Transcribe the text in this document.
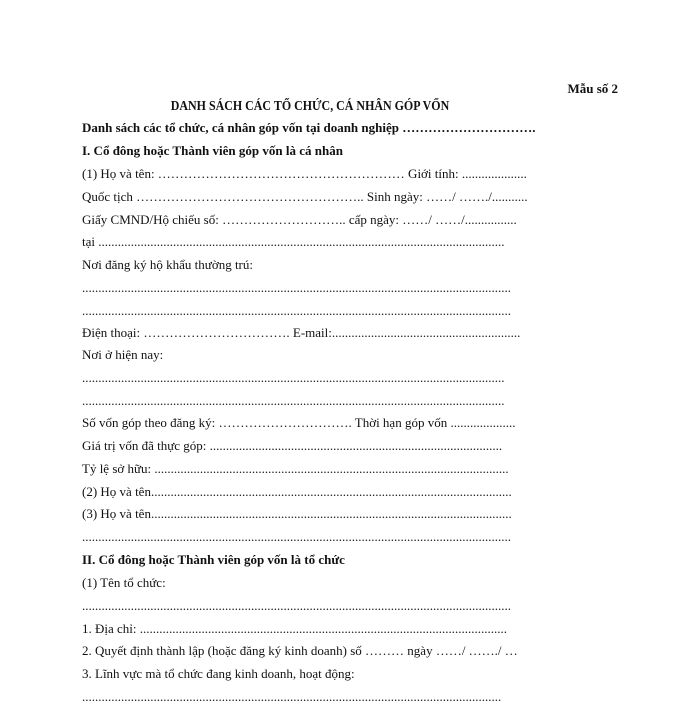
Mẫu số 2
DANH SÁCH CÁC TỔ CHỨC, CÁ NHÂN GÓP VỐN
Danh sách các tổ chức, cá nhân góp vốn tại doanh nghiệp ………………………….
I. Cổ đông hoặc Thành viên góp vốn là cá nhân
(1) Họ và tên: ………………………………………………… Giới tính: ....................
Quốc tịch …………………………………………….. Sinh ngày: ……/ ……./...........
Giấy CMND/Hộ chiếu số: ……………………….. cấp ngày: ……/ ……/................
tại .............................................................................................................................
Nơi đăng ký hộ khẩu thường trú:
....................................................................................................................................
....................................................................................................................................
Điện thoại: ……………………………. E-mail:..........................................................
Nơi ở hiện nay:
..................................................................................................................................
..................................................................................................................................
Số vốn góp theo đăng ký: …………………………. Thời hạn góp vốn ....................
Giá trị vốn đã thực góp: ..........................................................................................
Tỷ lệ sở hữu: .............................................................................................................
(2) Họ và tên...............................................................................................................
(3) Họ và tên...............................................................................................................
....................................................................................................................................
II. Cổ đông hoặc Thành viên góp vốn là tổ chức
(1) Tên tổ chức:
....................................................................................................................................
1. Địa chỉ: .................................................................................................................
2. Quyết định thành lập (hoặc đăng ký kinh doanh) số ……… ngày ……/ ……./ …
3. Lĩnh vực mà tổ chức đang kinh doanh, hoạt động:
.................................................................................................................................
